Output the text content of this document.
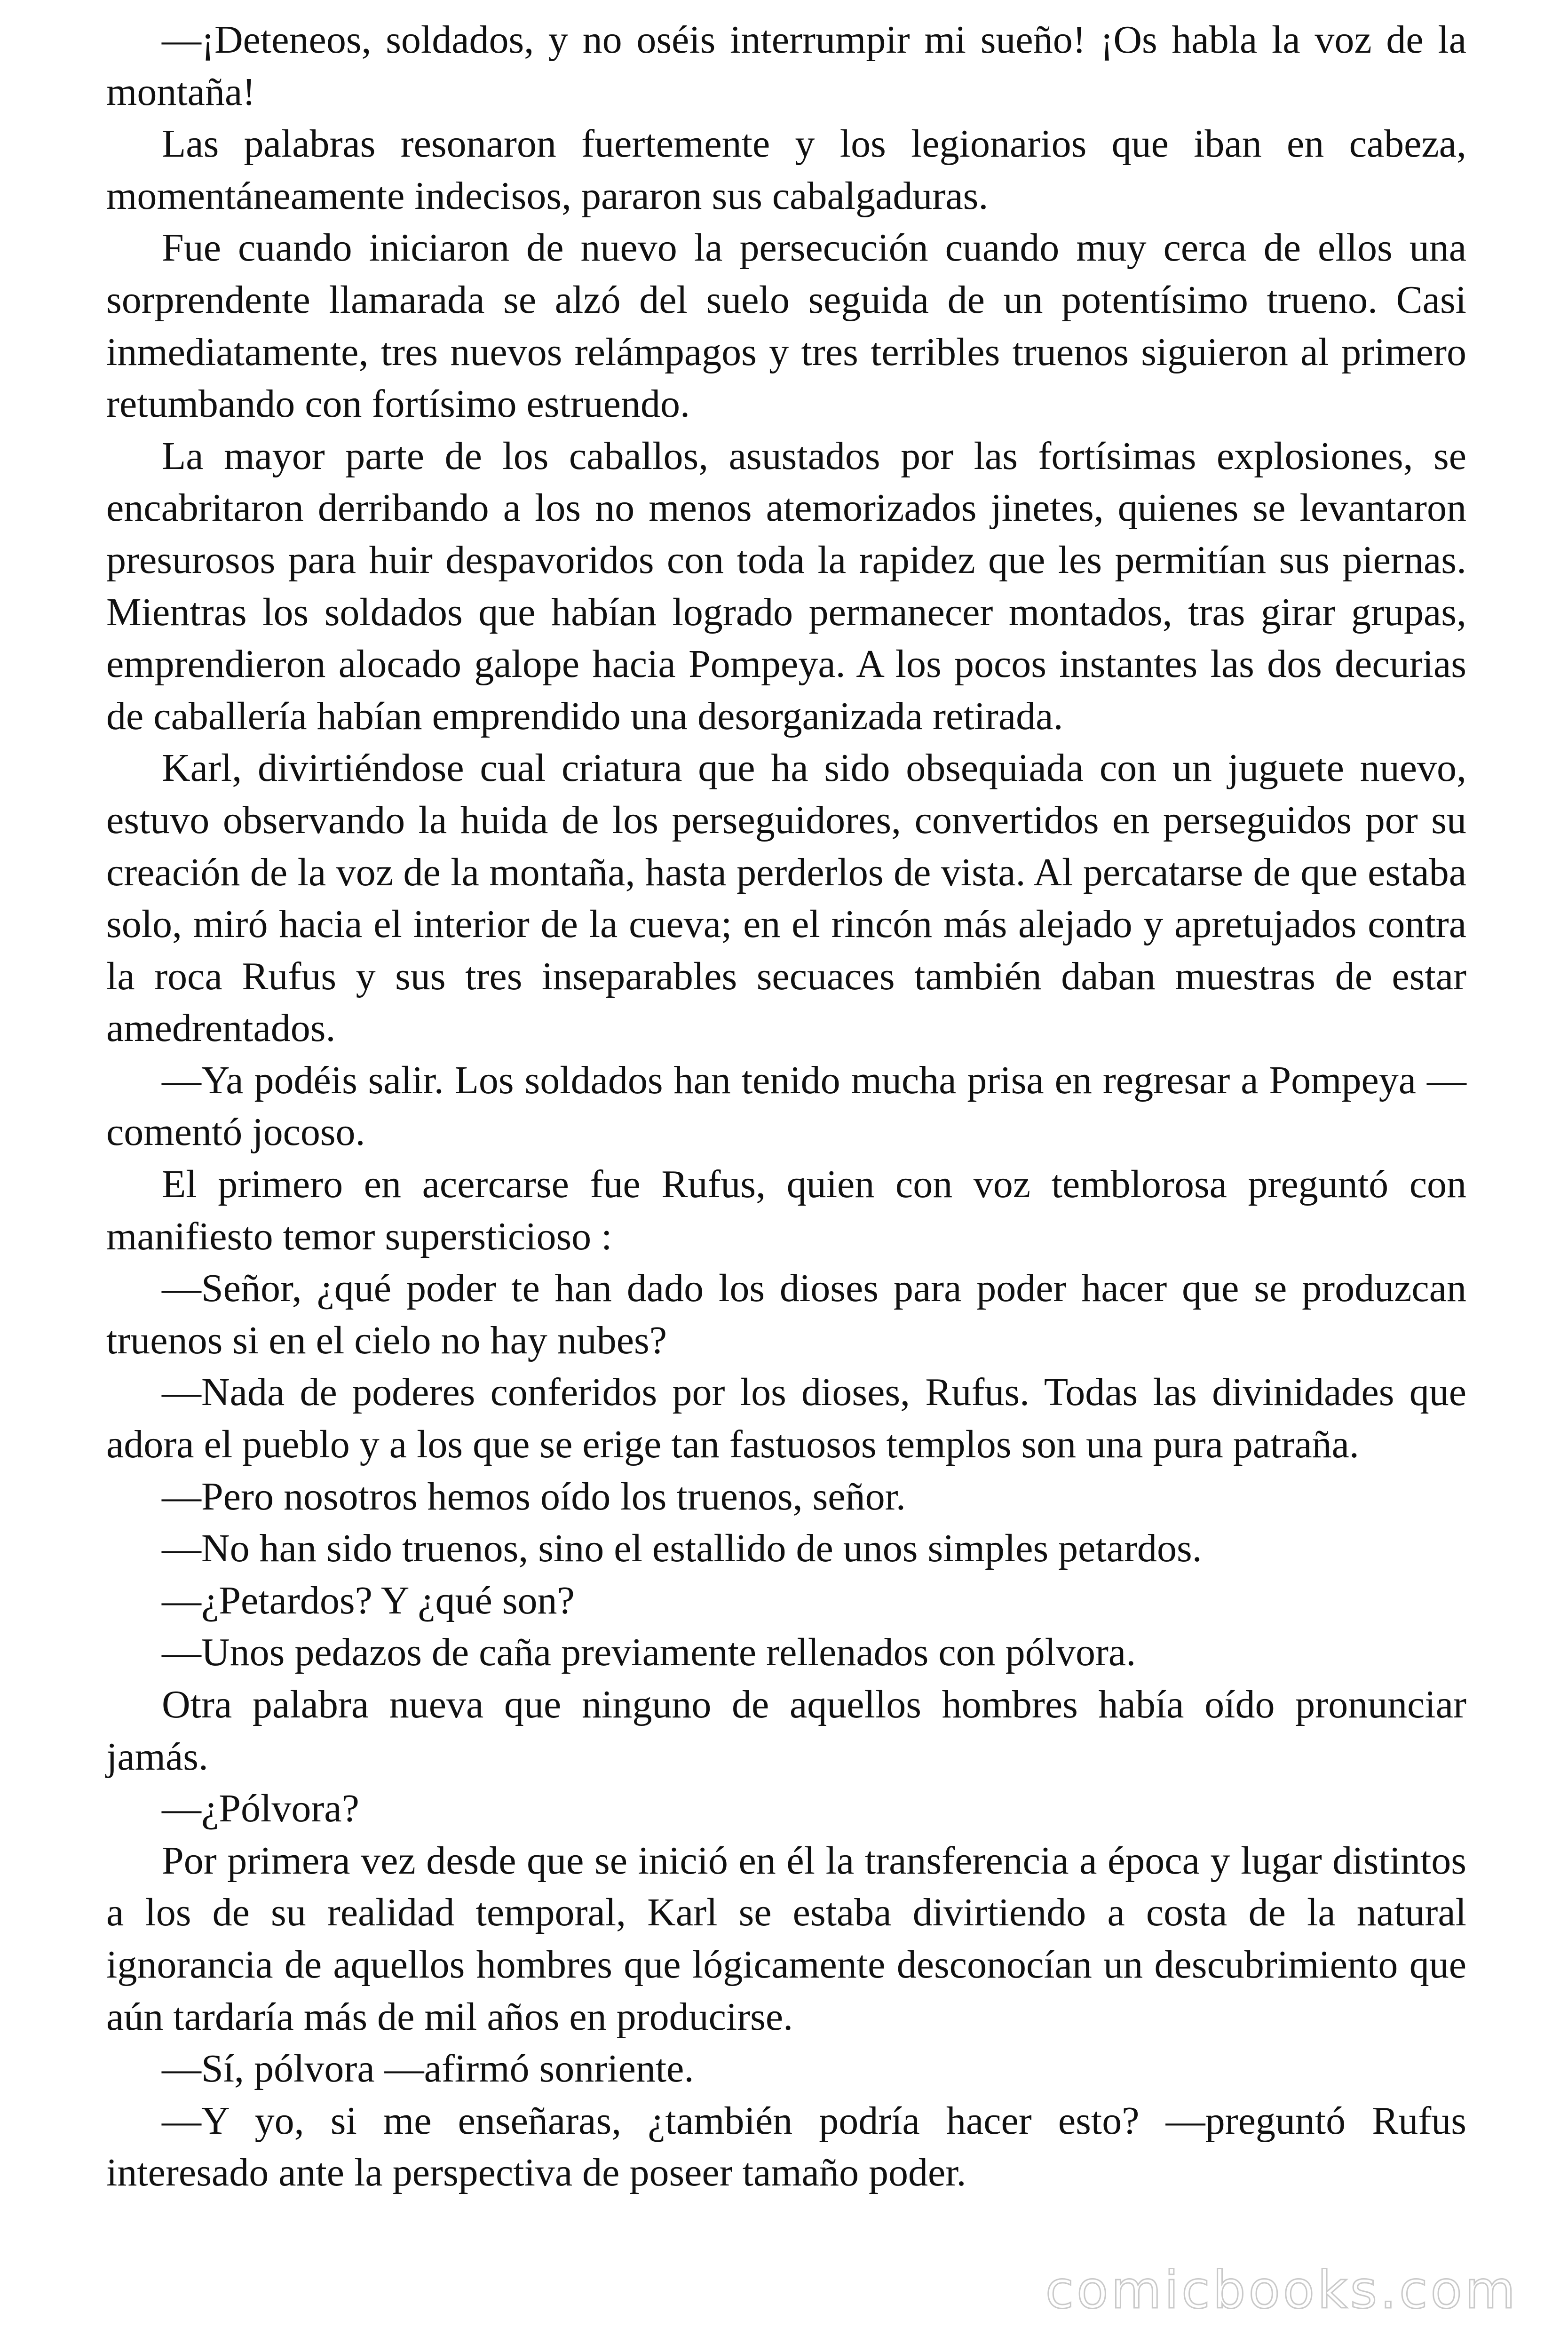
—¡Deteneos, soldados, y no oséis interrumpir mi sueño! ¡Os habla la voz de la montaña!

Las palabras resonaron fuertemente y los legionarios que iban en cabeza, momentáneamente indecisos, pararon sus cabalgaduras.

Fue cuando iniciaron de nuevo la persecución cuando muy cerca de ellos una sorprendente llamarada se alzó del suelo seguida de un potentísimo trueno. Casi inmediatamente, tres nuevos relámpagos y tres terribles truenos siguieron al primero retumbando con fortísimo estruendo.

La mayor parte de los caballos, asustados por las fortísimas explosiones, se encabritaron derribando a los no menos atemorizados jinetes, quienes se levantaron presurosos para huir despavoridos con toda la rapidez que les permitían sus piernas. Mientras los soldados que habían logrado permanecer montados, tras girar grupas, emprendieron alocado galope hacia Pompeya. A los pocos instantes las dos decurias de caballería habían emprendido una desorganizada retirada.

Karl, divirtiéndose cual criatura que ha sido obsequiada con un juguete nuevo, estuvo observando la huida de los perseguidores, convertidos en perseguidos por su creación de la voz de la montaña, hasta perderlos de vista. Al percatarse de que estaba solo, miró hacia el interior de la cueva; en el rincón más alejado y apretujados contra la roca Rufus y sus tres inseparables secuaces también daban muestras de estar amedrentados.

—Ya podéis salir. Los soldados han tenido mucha prisa en regresar a Pompeya —comentó jocoso.

El primero en acercarse fue Rufus, quien con voz temblorosa preguntó con manifiesto temor supersticioso :

—Señor, ¿qué poder te han dado los dioses para poder hacer que se produzcan truenos si en el cielo no hay nubes?

—Nada de poderes conferidos por los dioses, Rufus. Todas las divinidades que adora el pueblo y a los que se erige tan fastuosos templos son una pura patraña.

—Pero nosotros hemos oído los truenos, señor.

—No han sido truenos, sino el estallido de unos simples petardos.

—¿Petardos? Y ¿qué son?

—Unos pedazos de caña previamente rellenados con pólvora.

Otra palabra nueva que ninguno de aquellos hombres había oído pronunciar jamás.

—¿Pólvora?

Por primera vez desde que se inició en él la transferencia a época y lugar distintos a los de su realidad temporal, Karl se estaba divirtiendo a costa de la natural ignorancia de aquellos hombres que lógicamente desconocían un descubrimiento que aún tardaría más de mil años en producirse.

—Sí, pólvora —afirmó sonriente.

—Y yo, si me enseñaras, ¿también podría hacer esto? —preguntó Rufus interesado ante la perspectiva de poseer tamaño poder.

comicbooks.com
